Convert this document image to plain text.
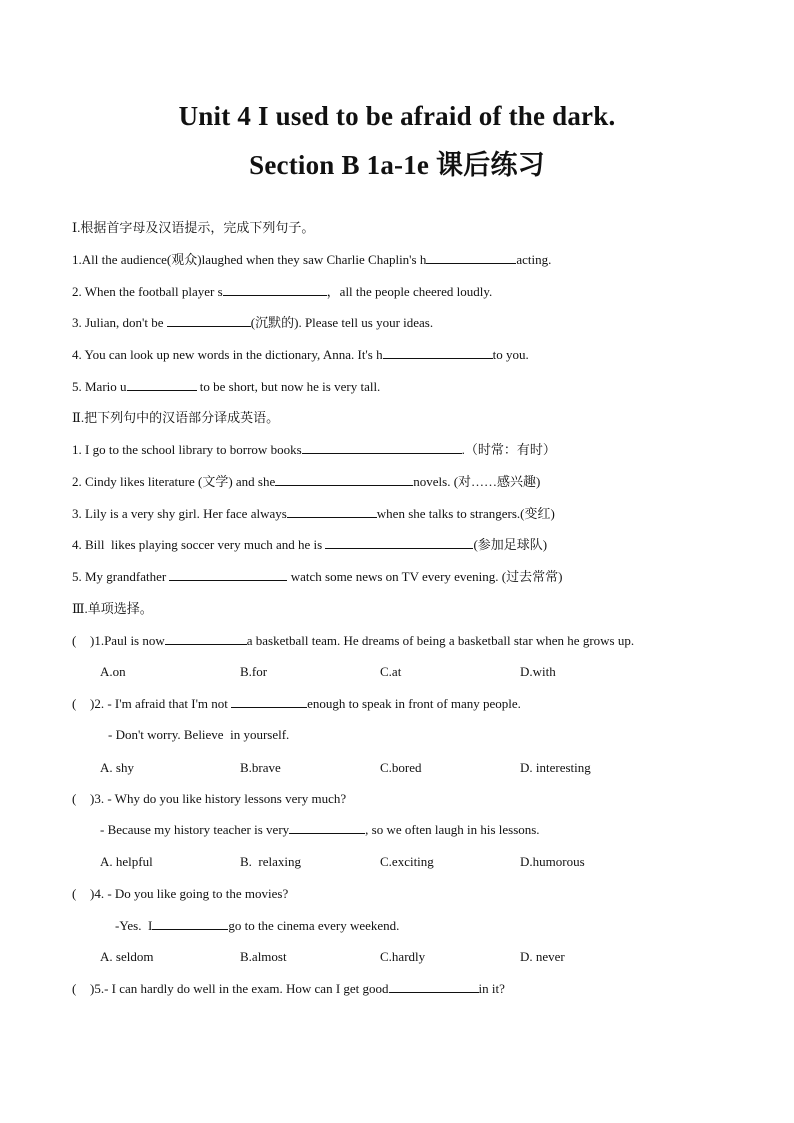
Unit 4 I used to be afraid of the dark.
Section B 1a-1e 课后练习
Ⅰ.根据首字母及汉语提示，完成下列句子。
1.All the audience(观众)laughed when they saw Charlie Chaplin's h	acting.
2. When the football player s	，all the people cheered loudly.
3. Julian, don't be	(沉默的). Please tell us your ideas.
4. You can look up new words in the dictionary, Anna. It's h	to you.
5. Mario u	to be short, but now he is very tall.
Ⅱ.把下列句中的汉语部分译成英语。
1. I go to the school library to borrow books	.（时常：有时）
2. Cindy likes literature (文学) and she	novels. (对……感兴趣)
3. Lily is a very shy girl. Her face always	when she talks to strangers.(变红)
4. Bill  likes playing soccer very much and he is	(参加足球队)
5. My grandfather	watch some news on TV every evening. (过去常常)
Ⅲ.单项选择。
( )1.Paul is now	a basketball team. He dreams of being a basketball star when he grows up.
A.on	B.for	C.at	D.with
( )2. - I'm afraid that I'm not	enough to speak in front of many people.
- Don't worry. Believe  in yourself.
A. shy	B.brave	C.bored	D. interesting
( )3. - Why do you like history lessons very much?
- Because my history teacher is very	, so we often laugh in his lessons.
A. helpful	B.  relaxing	C.exciting	D.humorous
( )4. - Do you like going to the movies?
-Yes.  I	go to the cinema every weekend.
A. seldom	B.almost	C.hardly	D. never
( )5.- I can hardly do well in the exam. How can I get good	in it?
